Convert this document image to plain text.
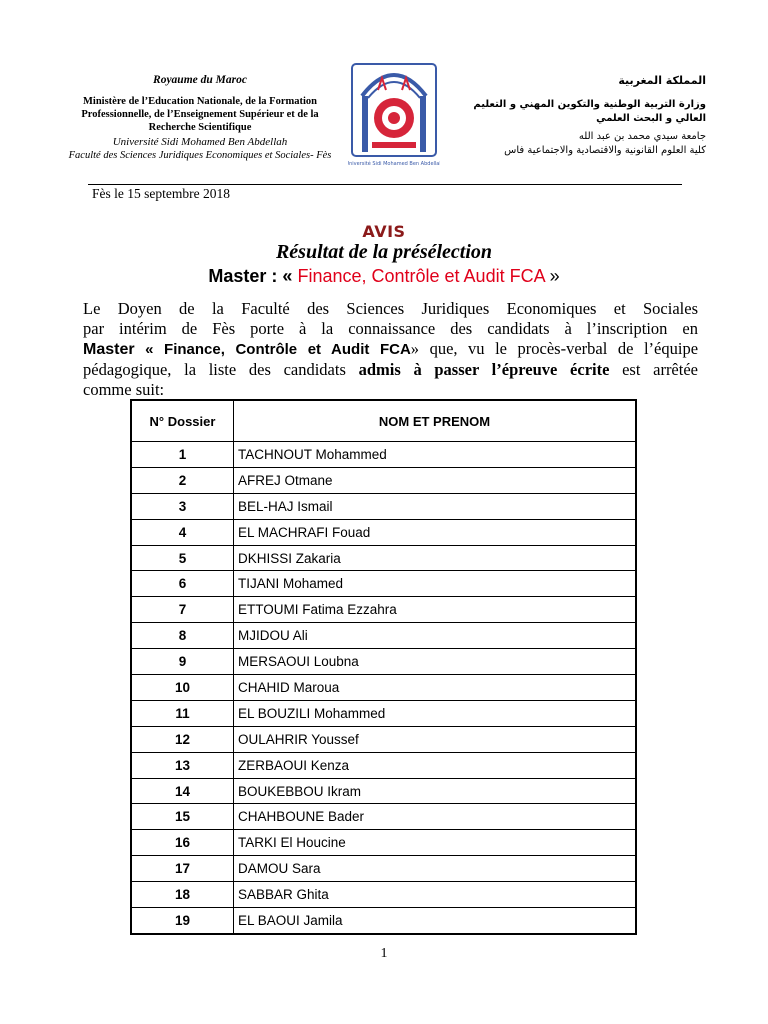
Royaume du Maroc
Ministère de l’Education Nationale, de la Formation Professionnelle, de l’Enseignement Supérieur et de la Recherche Scientifique
Université Sidi Mohamed Ben Abdellah
Faculté des Sciences Juridiques Economiques et Sociales- Fès
Université Sidi Mohamed Ben Abdellah
المملكة المغربية
وزارة التربية الوطنية والتكوين المهني و التعليم العالي و البحث العلمي
جامعة سيدي محمد بن عبد الله
كلية العلوم القانونية والاقتصادية والاجتماعية فاس
Fès le 15 septembre 2018
AVIS
Résultat de la présélection
Master : « Finance, Contrôle et Audit FCA »
Le Doyen de la Faculté des Sciences Juridiques Economiques et Sociales
par intérim de Fès porte à la connaissance des candidats à l’inscription en
Master « Finance, Contrôle et Audit FCA» que, vu le procès-verbal de l’équipe
pédagogique, la liste des candidats admis à passer l’épreuve écrite est arrêtée
comme suit:
N° Dossier	NOM ET PRENOM
1	TACHNOUT Mohammed
2	AFREJ Otmane
3	BEL-HAJ Ismail
4	EL MACHRAFI Fouad
5	DKHISSI Zakaria
6	TIJANI Mohamed
7	ETTOUMI Fatima Ezzahra
8	MJIDOU Ali
9	MERSAOUI Loubna
10	CHAHID Maroua
11	EL BOUZILI Mohammed
12	OULAHRIR Youssef
13	ZERBAOUI Kenza
14	BOUKEBBOU Ikram
15	CHAHBOUNE Bader
16	TARKI El Houcine
17	DAMOU Sara
18	SABBAR Ghita
19	EL BAOUI Jamila
1
